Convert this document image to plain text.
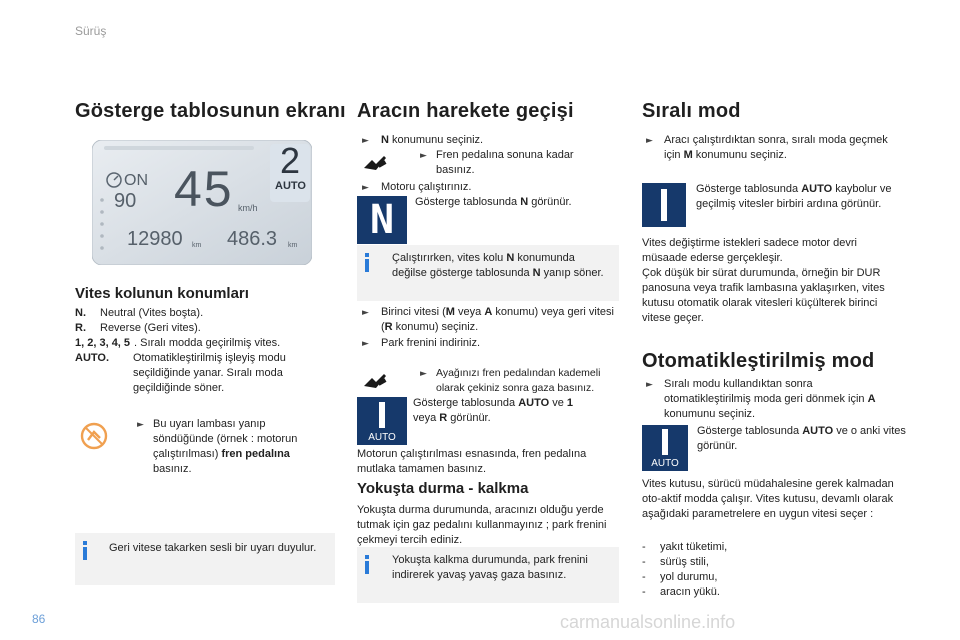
Sürüş
86	carmanualsonline.info
Gösterge tablosunun ekranı
ON
90 45 km/h
2
AUTO
12980 km 486.3 km
Vites kolunun konumları
N.	Neutral (Vites boşta).
R.	Reverse (Geri vites).
1, 2, 3, 4, 5 . Sıralı modda geçirilmiş vites.
AUTO.	Otomatikleştirilmiş işleyiş modu seçildiğinde yanar. Sıralı moda geçildiğinde söner.
► Bu uyarı lambası yanıp söndüğünde (örnek : motorun çalıştırılması) fren pedalına basınız.
Geri vitese takarken sesli bir uyarı duyulur.
Aracın harekete geçişi
► N konumunu seçiniz.
► Fren pedalına sonuna kadar basınız.
► Motoru çalıştırınız.
N	Gösterge tablosunda N görünür.
Çalıştırırken, vites kolu N konumunda değilse gösterge tablosunda N yanıp söner.
► Birinci vitesi (M veya A konumu) veya geri vitesi (R konumu) seçiniz.
► Park frenini indiriniz.
► Ayağınızı fren pedalından kademeli olarak çekiniz sonra gaza basınız.
AUTO
Gösterge tablosunda AUTO ve 1
veya R görünür.
Motorun çalıştırılması esnasında, fren pedalına mutlaka tamamen basınız.
Yokuşta durma - kalkma
Yokuşta durma durumunda, aracınızı olduğu yerde tutmak için gaz pedalını kullanmayınız ; park frenini çekmeyi tercih ediniz.
Yokuşta kalkma durumunda, park frenini indirerek yavaş yavaş gaza basınız.
Sıralı mod
► Aracı çalıştırdıktan sonra, sıralı moda geçmek için M konumunu seçiniz.
Gösterge tablosunda AUTO kaybolur ve geçilmiş vitesler birbiri ardına görünür.
Vites değiştirme istekleri sadece motor devri müsaade ederse gerçekleşir.
Çok düşük bir sürat durumunda, örneğin bir DUR panosuna veya trafik lambasına yaklaşırken, vites kutusu otomatik olarak vitesleri küçülterek birinci vitese geçer.
Otomatikleştirilmiş mod
► Sıralı modu kullandıktan sonra otomatikleştirilmiş moda geri dönmek için A konumunu seçiniz.
AUTO
Gösterge tablosunda AUTO ve o anki vites görünür.
Vites kutusu, sürücü müdahalesine gerek kalmadan oto-aktif modda çalışır. Vites kutusu, devamlı olarak aşağıdaki parametrelere en uygun vitesi seçer :
- yakıt tüketimi,
- sürüş stili,
- yol durumu,
- aracın yükü.
